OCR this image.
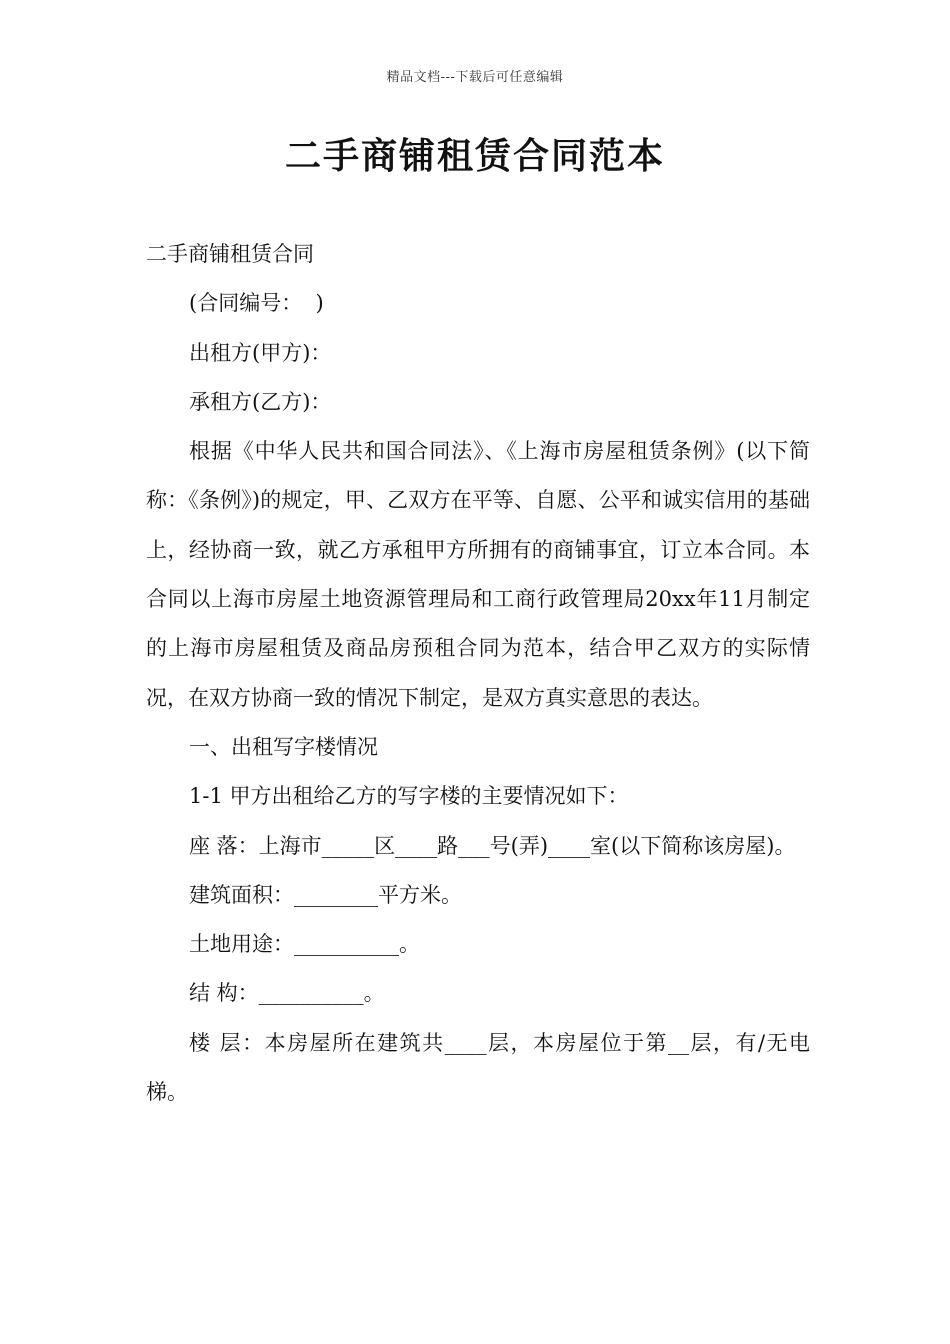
精品文档---下载后可任意编辑
二手商铺租赁合同范本

二手商铺租赁合同

(合同编号：  )

出租方(甲方)：

承租方(乙方)：

根据《中华人民共和国合同法》、《上海市房屋租赁条例》(以下简称：《条例》)的规定，甲、乙双方在平等、自愿、公平和诚实信用的基础上，经协商一致，就乙方承租甲方所拥有的商铺事宜，订立本合同。本合同以上海市房屋土地资源管理局和工商行政管理局20xx年11月制定的上海市房屋租赁及商品房预租合同为范本，结合甲乙双方的实际情况，在双方协商一致的情况下制定，是双方真实意思的表达。

一、出租写字楼情况

1-1 甲方出租给乙方的写字楼的主要情况如下：

座 落：上海市_____区____路___号(弄)____室(以下简称该房屋)。

建筑面积：________平方米。

土地用途：__________。

结 构：__________。

楼 层：本房屋所在建筑共____层，本房屋位于第__层，有/无电梯。
